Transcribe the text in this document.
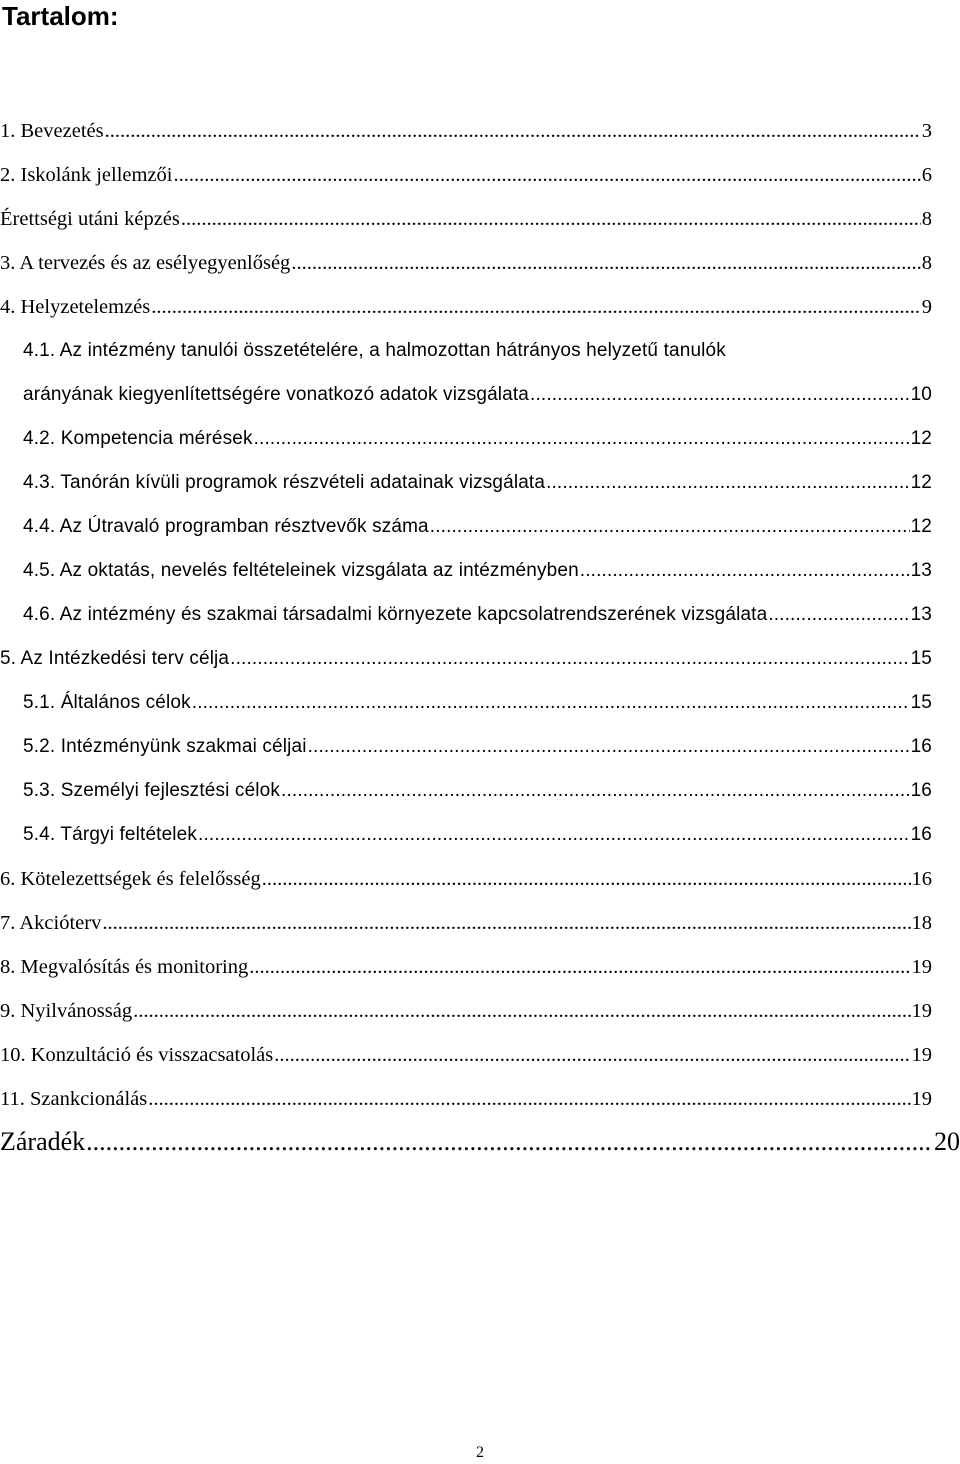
Tartalom:
1. Bevezetés .....	3
2. Iskolánk jellemzői .....	6
Érettségi utáni képzés .....	8
3. A tervezés és az esélyegyenlőség .....	8
4. Helyzetelemzés .....	9
4.1. Az intézmény tanulói összetételére, a halmozottan hátrányos helyzetű tanulók
arányának kiegyenlítettségére vonatkozó adatok vizsgálata .....	10
4.2. Kompetencia mérések .....	12
4.3. Tanórán kívüli programok részvételi adatainak vizsgálata .....	12
4.4. Az Útravaló programban résztvevők száma .....	12
4.5. Az oktatás, nevelés feltételeinek vizsgálata az intézményben .....	13
4.6. Az intézmény és szakmai társadalmi környezete kapcsolatrendszerének vizsgálata .....	13
5. Az Intézkedési terv célja .....	15
5.1. Általános célok .....	15
5.2. Intézményünk szakmai céljai .....	16
5.3. Személyi fejlesztési célok .....	16
5.4. Tárgyi feltételek .....	16
6. Kötelezettségek és felelősség .....	16
7. Akcióterv .....	18
8. Megvalósítás és monitoring .....	19
9. Nyilvánosság .....	19
10. Konzultáció és visszacsatolás .....	19
11. Szankcionálás .....	19
Záradék .....	20
2
